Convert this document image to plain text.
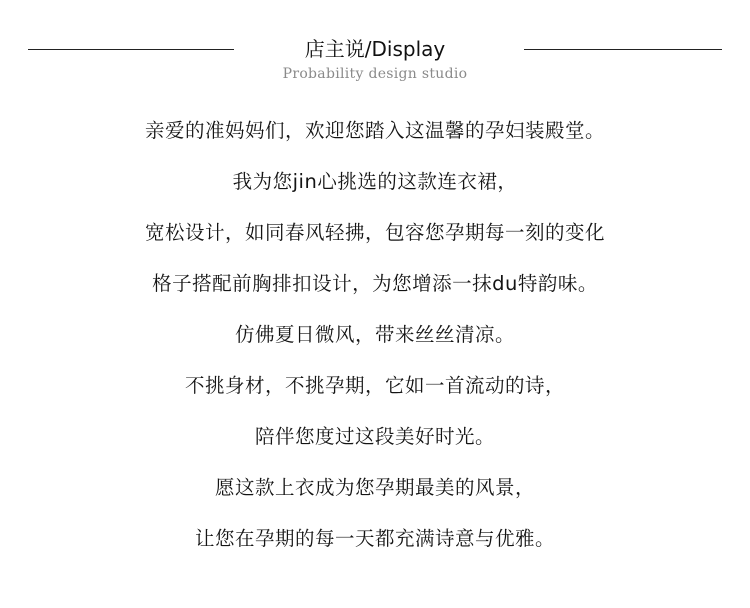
店主说/Display
Probability design studio
亲爱的准妈妈们，欢迎您踏入这温馨的孕妇装殿堂。
我为您jin心挑选的这款连衣裙，
宽松设计，如同春风轻拂，包容您孕期每一刻的变化
格子搭配前胸排扣设计，为您增添一抹du特韵味。
仿佛夏日微风，带来丝丝清凉。
不挑身材，不挑孕期，它如一首流动的诗，
陪伴您度过这段美好时光。
愿这款上衣成为您孕期最美的风景，
让您在孕期的每一天都充满诗意与优雅。
